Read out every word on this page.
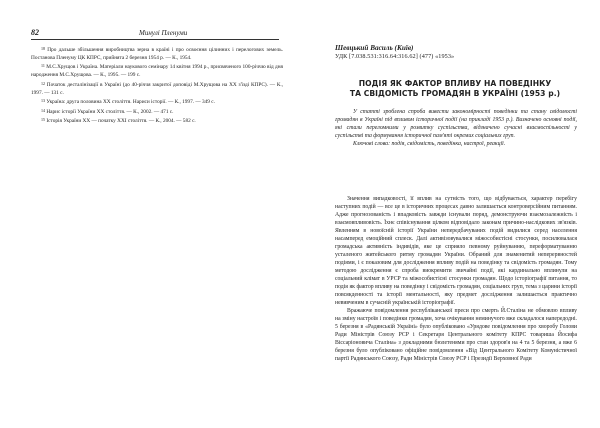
82	Минулі Пленуми

$^{18}$ Про дальше збільшення виробництва зерна в країні і про освоєння цілинних і перелогових земель. Постанова Пленуму ЦК КПРС, прийнята 2 березня 1954 р. — К., 1954.

$^{11}$ М.С.Хрущов і Україна. Матеріали наукового семінару 14 квітня 1994 р., присвяченого 100-річчю від дня народження М.С.Хрущова. — К., 1995. — 199 с.

$^{12}$ Початок десталінізації в Україні (до 40-річчя закритої доповіді М.Хрущова на ХХ з'їзді КПРС). — К., 1997. — 131 с.

$^{13}$ Україна: друга половина ХХ століття. Нариси історії. — К., 1997. — 349 с.

$^{14}$ Нарис історії України ХХ століття. — К., 2002. — 471 с.

$^{15}$ Історія України ХХ — початку ХХІ століття. — К., 2004. — 582 с.

Шевцький Василь (Київ)
УДК [7.038.531:316.64:316.62] (477) «1953»
ПОДІЯ ЯК ФАКТОР ВПЛИВУ НА ПОВЕДІНКУ
ТА СВІДОМІСТЬ ГРОМАДЯН В УКРАЇНІ (1953 р.)

У статті зроблена спроба вивести закономірності поведінки та стану свідомості громадян в Україні під впливом історичної події (на прикладі 1953 р.). Визначено основні події, які стали переломними у розвитку суспільства, відзначено сучасні взаємоспільності у суспільстві та формування історичної пам'яті окремих соціальних груп.

Ключові слова: подія, свідомість, поведінка, настрої, реакції.

Значення випадковості, її вплив на сутність того, що відбувається, характер перебігу наступних подій — все це в історичних процесах давно залишається контроверсійним питанням. Адже прогнозованість і впадковість завжди існували поряд, демонструючи взаємозалежність і взаємовпливовість. Їхнє співіснування цілком відповідало законам причино-наслідкових зв'язків. Явленням в новоїсній історії України непередбачуваних подій видилися серед населення насамперед емоційний сплеск. Далі активізовувалися міжособистісні стосунки, посилювалася громадська активність індивідів, яке це сприяло певному руйнуванню, переформатуванню усталеного житейського ритму громадян України. Обраний для знаменитий неперервностей подіями, і є показовим для дослідження впливу подій на поведінку та свідомість громадян. Тому методою дослідження є спроба виокремити звичайні події, які кардинально вплинули на соціальний клімат в УРСР та міжособистісні стосунки громадян. Щодо історіографії питання, то подія як фактор впливу на поведінку і свідомість громадян, соціальних груп, тема з царини історії повсякденності та історії ментальності, яку предмет дослідження залишається практично невивченим в сучасній українській історіографії.

Вражаюче повідомлення республіканської преси про смерть Й.Сталіна не обмовлю впливу на зміну настроїв і поведінки громадян, хоча очікування неминучого вже складалося напередодні. 5 березня в «Радянській Україні» було опубліковано «Урядове повідомлення про хворобу Голови Ради Міністрів Союзу РСР і Секретаря Центрального комітету КПРС товариша Йосифа Віссаріоновича Сталіна» з докладними бюлетенями про стан здоров'я на 4 та 5 березня, а вже 6 березня було опубліковано офіційне повідомлення «Від Центрального Комітету Комуністичної партії Радянського Союзу, Ради Міністрів Союзу РСР і Президії Верховної Ради
